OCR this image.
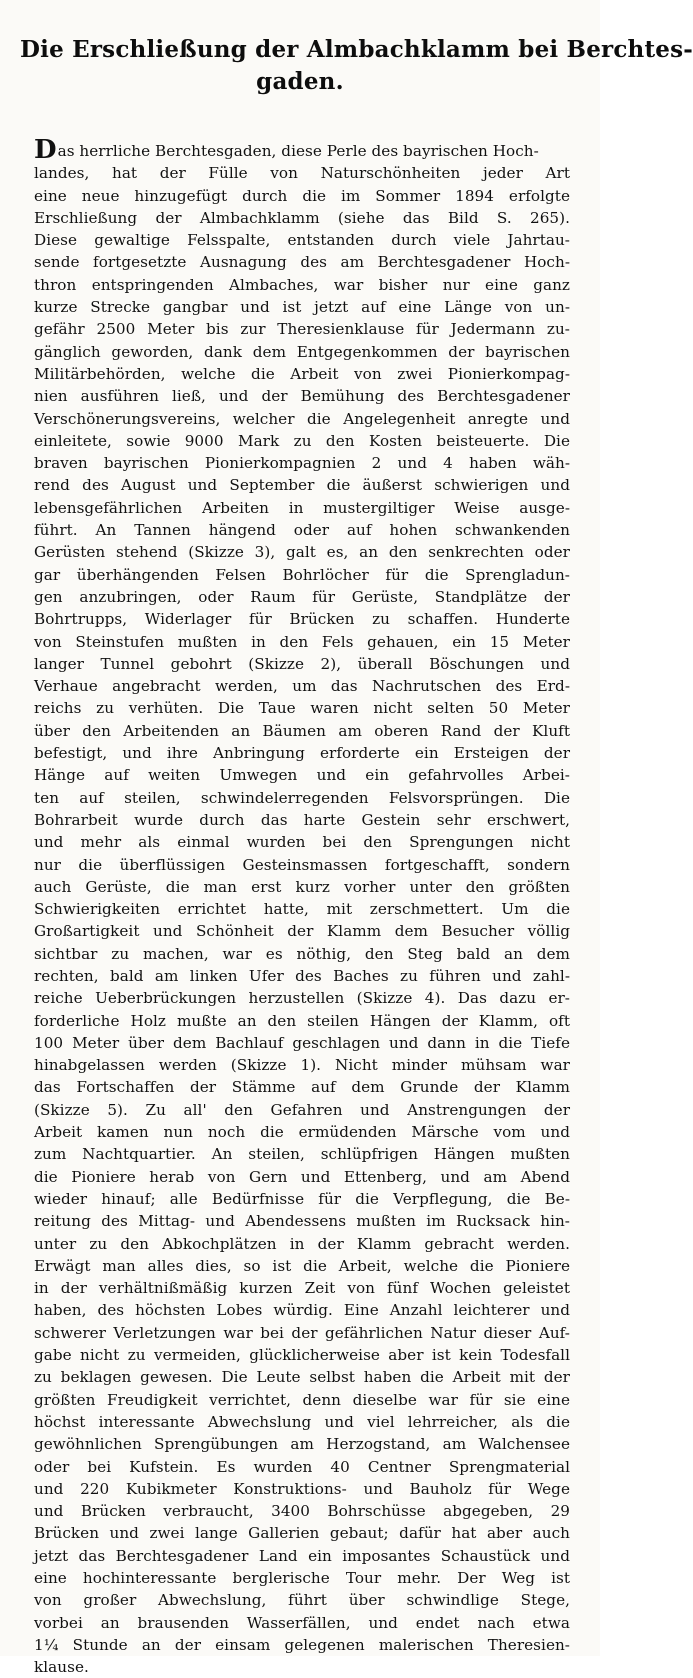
Die Erschließung der Almbachklamm bei Berchtes-
gaden.
Das herrliche Berchtesgaden, diese Perle des bayrischen Hoch-
landes, hat der Fülle von Naturschönheiten jeder Art
eine neue hinzugefügt durch die im Sommer 1894 erfolgte
Erschließung der Almbachklamm (siehe das Bild S. 265).
Diese gewaltige Felsspalte, entstanden durch viele Jahrtau-
sende fortgesetzte Ausnagung des am Berchtesgadener Hoch-
thron entspringenden Almbaches, war bisher nur eine ganz
kurze Strecke gangbar und ist jetzt auf eine Länge von un-
gefähr 2500 Meter bis zur Theresienklause für Jedermann zu-
gänglich geworden, dank dem Entgegenkommen der bayrischen
Militärbehörden, welche die Arbeit von zwei Pionierkompag-
nien ausführen ließ, und der Bemühung des Berchtesgadener
Verschönerungsvereins, welcher die Angelegenheit anregte und
einleitete, sowie 9000 Mark zu den Kosten beisteuerte. Die
braven bayrischen Pionierkompagnien 2 und 4 haben wäh-
rend des August und September die äußerst schwierigen und
lebensgefährlichen Arbeiten in mustergiltiger Weise ausge-
führt. An Tannen hängend oder auf hohen schwankenden
Gerüsten stehend (Skizze 3), galt es, an den senkrechten oder
gar überhängenden Felsen Bohrlöcher für die Sprengladun-
gen anzubringen, oder Raum für Gerüste, Standplätze der
Bohrtrupps, Widerlager für Brücken zu schaffen. Hunderte
von Steinstufen mußten in den Fels gehauen, ein 15 Meter
langer Tunnel gebohrt (Skizze 2), überall Böschungen und
Verhaue angebracht werden, um das Nachrutschen des Erd-
reichs zu verhüten. Die Taue waren nicht selten 50 Meter
über den Arbeitenden an Bäumen am oberen Rand der Kluft
befestigt, und ihre Anbringung erforderte ein Ersteigen der
Hänge auf weiten Umwegen und ein gefahrvolles Arbei-
ten auf steilen, schwindelerregenden Felsvorsprüngen. Die
Bohrarbeit wurde durch das harte Gestein sehr erschwert,
und mehr als einmal wurden bei den Sprengungen nicht
nur die überflüssigen Gesteinsmassen fortgeschafft, sondern
auch Gerüste, die man erst kurz vorher unter den größten
Schwierigkeiten errichtet hatte, mit zerschmettert. Um die
Großartigkeit und Schönheit der Klamm dem Besucher völlig
sichtbar zu machen, war es nöthig, den Steg bald an dem
rechten, bald am linken Ufer des Baches zu führen und zahl-
reiche Ueberbrückungen herzustellen (Skizze 4). Das dazu er-
forderliche Holz mußte an den steilen Hängen der Klamm, oft
100 Meter über dem Bachlauf geschlagen und dann in die Tiefe
hinabgelassen werden (Skizze 1). Nicht minder mühsam war
das Fortschaffen der Stämme auf dem Grunde der Klamm
(Skizze 5). Zu all' den Gefahren und Anstrengungen der
Arbeit kamen nun noch die ermüdenden Märsche vom und
zum Nachtquartier. An steilen, schlüpfrigen Hängen mußten
die Pioniere herab von Gern und Ettenberg, und am Abend
wieder hinauf; alle Bedürfnisse für die Verpflegung, die Be-
reitung des Mittag- und Abendessens mußten im Rucksack hin-
unter zu den Abkochplätzen in der Klamm gebracht werden.
Erwägt man alles dies, so ist die Arbeit, welche die Pioniere
in der verhältnißmäßig kurzen Zeit von fünf Wochen geleistet
haben, des höchsten Lobes würdig. Eine Anzahl leichterer und
schwerer Verletzungen war bei der gefährlichen Natur dieser Auf-
gabe nicht zu vermeiden, glücklicherweise aber ist kein Todesfall
zu beklagen gewesen. Die Leute selbst haben die Arbeit mit der
größten Freudigkeit verrichtet, denn dieselbe war für sie eine
höchst interessante Abwechslung und viel lehrreicher, als die
gewöhnlichen Sprengübungen am Herzogstand, am Walchensee
oder bei Kufstein. Es wurden 40 Centner Sprengmaterial
und 220 Kubikmeter Konstruktions- und Bauholz für Wege
und Brücken verbraucht, 3400 Bohrschüsse abgegeben, 29
Brücken und zwei lange Gallerien gebaut; dafür hat aber auch
jetzt das Berchtesgadener Land ein imposantes Schaustück und
eine hochinteressante berglerische Tour mehr. Der Weg ist
von großer Abwechslung, führt über schwindlige Stege,
vorbei an brausenden Wasserfällen, und endet nach etwa
1¼ Stunde an der einsam gelegenen malerischen Theresien-
klause.
